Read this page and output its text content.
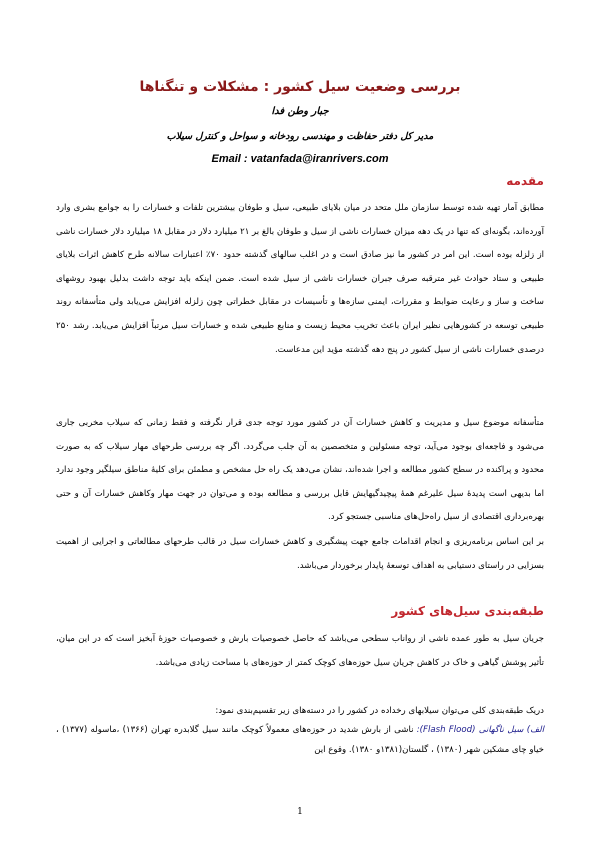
بررسی وضعیت سیل کشور : مشکلات و تنگناها
جبار وطن فدا
مدیر کل دفتر حفاظت و مهندسی رودخانه و سواحل و کنترل سیلاب
Email : vatanfada@iranrivers.com
مقدمه

مطابق آمار تهیه شده توسط سازمان ملل متحد در میان بلایای طبیعی، سیل و طوفان بیشترین تلفات و خسارات را به جوامع بشری وارد آورده‌اند، بگونه‌ای که تنها در یک دهه میزان خسارات ناشی از سیل و طوفان بالغ بر ۲۱ میلیارد دلار در مقابل ۱۸ میلیارد دلار خسارات ناشی از زلزله بوده است. این امر در کشور ما نیز صادق است و در اغلب سالهای گذشته حدود ۷۰٪ اعتبارات سالانه طرح کاهش اثرات بلایای طبیعی و ستاد حوادث غیر مترقبه صرف جبران خسارات ناشی از سیل شده است. ضمن اینکه باید توجه داشت بدلیل بهبود روشهای ساخت و ساز و رعایت ضوابط و مقررات، ایمنی سازه‌ها و تأسیسات در مقابل خطراتی چون زلزله افزایش می‌یابد ولی متأسفانه روند طبیعی توسعه در کشورهایی نظیر ایران باعث تخریب محیط زیست و منابع طبیعی شده و خسارات سیل مرتباً افزایش می‌یابد. رشد ۲۵۰ درصدی خسارات ناشی از سیل کشور در پنج دهه گذشته مؤید این مدعاست.

متأسفانه موضوع سیل و مدیریت و کاهش خسارات آن در کشور مورد توجه جدی قرار نگرفته و فقط زمانی که سیلاب مخربی جاری می‌شود و فاجعه‌ای بوجود می‌آید، توجه مسئولین و متخصصین به آن جلب می‌گردد. اگر چه بررسی طرحهای مهار سیلاب که به صورت محدود و پراکنده در سطح کشور مطالعه و اجرا شده‌اند، نشان می‌دهد یک راه حل مشخص و مطمئن برای کلیهٔ مناطق سیلگیر وجود ندارد اما بدیهی است پدیدهٔ سیل علیرغم همهٔ پیچیدگیهایش قابل بررسی و مطالعه بوده و می‌توان در جهت مهار وکاهش خسارات آن و حتی بهره‌برداری اقتصادی از سیل راه‌حل‌های مناسبی جستجو کرد.

بر این اساس برنامه‌ریزی و انجام اقدامات جامع جهت پیشگیری و کاهش خسارات سیل در قالب طرحهای مطالعاتی و اجرایی از اهمیت بسزایی در راستای دستیابی به اهداف توسعهٔ پایدار برخوردار می‌باشد.

طبقه‌بندی سیل‌های کشور

جریان سیل به طور عمده ناشی از رواناب سطحی می‌باشد که حاصل خصوصیات بارش و خصوصیات حوزهٔ آبخیز است که در این میان، تأثیر پوشش گیاهی و خاک در کاهش جریان سیل حوزه‌های کوچک کمتر از حوزه‌های با مساحت زیادی می‌باشد.

دریک طبقه‌بندی کلی می‌توان سیلابهای رخداده در کشور را در دسته‌های زیر تقسیم‌بندی نمود:

الف) سیل ناگهانی (Flash Flood): ناشی از بارش شدید در حوزه‌های معمولاً کوچک مانند سیل گلابدره تهران (۱۳۶۶) ،ماسوله (۱۳۷۷) ، خیاو چای مشکین شهر (۱۳۸۰) ، گلستان(۱۳۸۱و ۱۳۸۰). وقوع این

1
